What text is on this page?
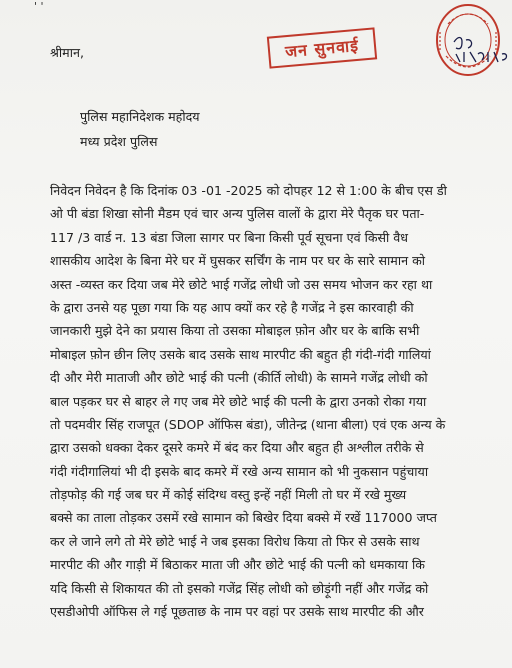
' '
जन सुनवाई
श्रीमान,
पुलिस महानिदेशक महोदय
मध्य प्रदेश पुलिस
निवेदन निवेदन है कि दिनांक 03 -01 -2025 को दोपहर 12 से 1:00 के बीच एस डी
ओ पी बंडा शिखा सोनी मैडम एवं चार अन्य पुलिस वालों के द्वारा मेरे पैतृक घर पता-
117 /3 वार्ड न. 13 बंडा जिला सागर पर बिना किसी पूर्व सूचना एवं किसी वैध
शासकीय आदेश के बिना मेरे घर में घुसकर सर्चिंग के नाम पर घर के सारे सामान को
अस्त -व्यस्त कर दिया जब मेरे छोटे भाई गजेंद्र लोधी जो उस समय भोजन कर रहा था
के द्वारा उनसे यह पूछा गया कि यह आप क्यों कर रहे है गजेंद्र ने इस कारवाही की
जानकारी मुझे देने का प्रयास किया तो उसका मोबाइल फ़ोन और घर के बाकि सभी
मोबाइल फ़ोन छीन लिए उसके बाद उसके साथ मारपीट की बहुत ही गंदी-गंदी गालियां
दी और मेरी माताजी और छोटे भाई की पत्नी (कीर्ति लोधी) के सामने गजेंद्र लोधी को
बाल पड़कर घर से बाहर ले गए जब मेरे छोटे भाई की पत्नी के द्वारा उनको रोका गया
तो पदमवीर सिंह राजपूत (SDOP ऑफिस बंडा), जीतेन्द्र (थाना बीला) एवं एक अन्य के
द्वारा उसको धक्का देकर दूसरे कमरे में बंद कर दिया और बहुत ही अश्लील तरीके से
गंदी गंदीगालियां भी दी इसके बाद कमरे में रखे अन्य सामान को भी नुकसान पहुंचाया
तोड़फोड़ की गई जब घर में कोई संदिग्ध वस्तु इन्हें नहीं मिली तो घर में रखे मुख्य
बक्से का ताला तोड़कर उसमें रखे सामान को बिखेर दिया बक्से में रखें 117000 जप्त
कर ले जाने लगे तो मेरे छोटे भाई ने जब इसका विरोध किया तो फिर से उसके साथ
मारपीट की और गाड़ी में बिठाकर माता जी और छोटे भाई की पत्नी को धमकाया कि
यदि किसी से शिकायत की तो इसको गजेंद्र सिंह लोधी को छोड़ूंगी नहीं और गजेंद्र को
एसडीओपी ऑफिस ले गई पूछताछ के नाम पर वहां पर उसके साथ मारपीट की और
